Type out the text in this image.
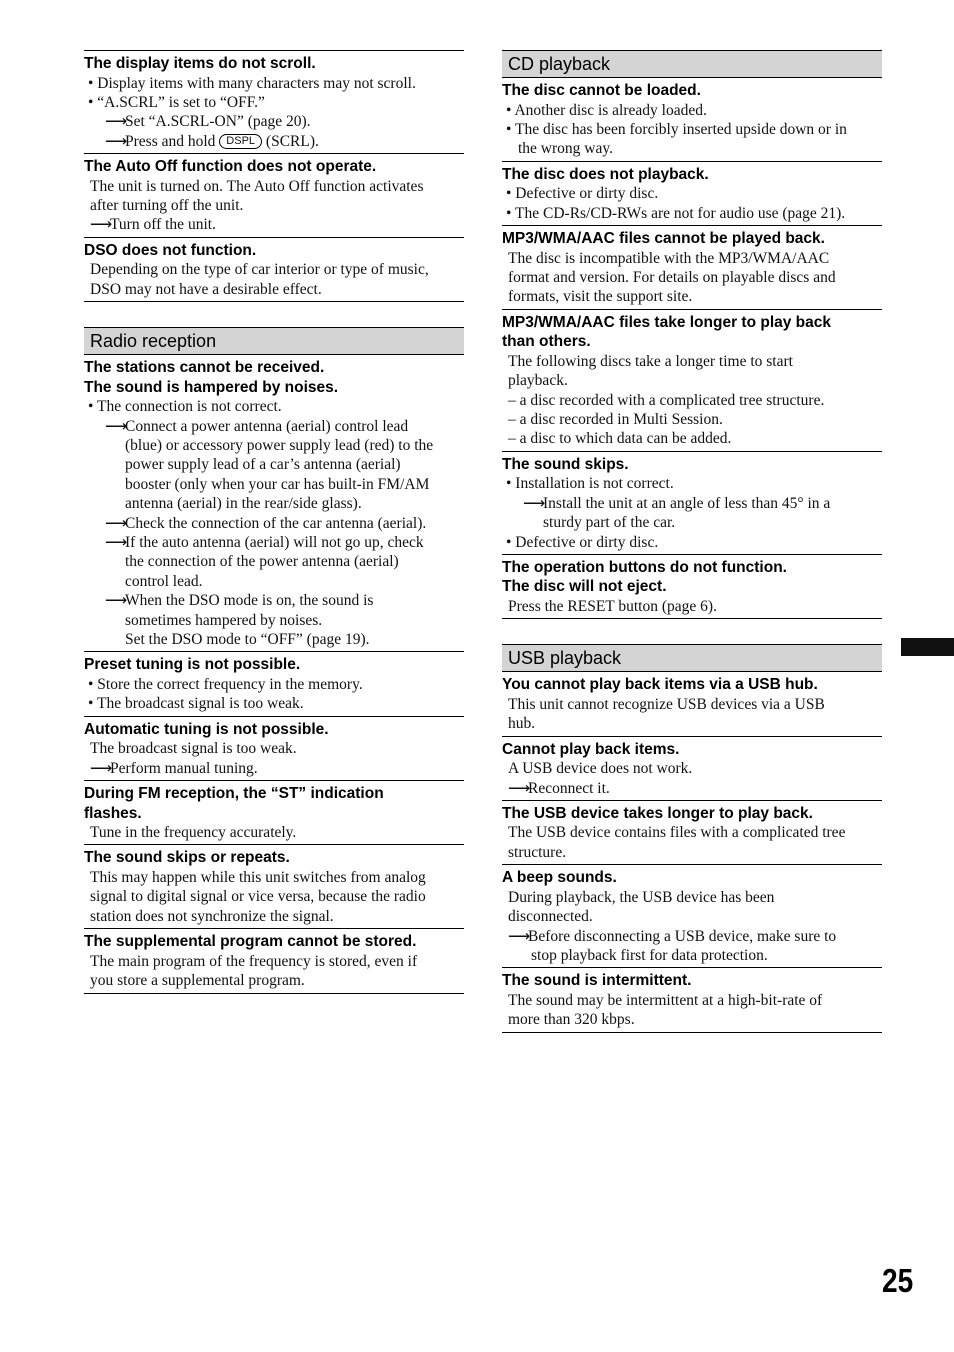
The display items do not scroll.
• Display items with many characters may not scroll.
• “A.SCRL” is set to “OFF.”
⟶Set “A.SCRL-ON” (page 20).
⟶Press and hold DSPL (SCRL).
The Auto Off function does not operate.
The unit is turned on. The Auto Off function activates
after turning off the unit.
⟶Turn off the unit.
DSO does not function.
Depending on the type of car interior or type of music,
DSO may not have a desirable effect.
Radio reception
The stations cannot be received.
The sound is hampered by noises.
• The connection is not correct.
⟶Connect a power antenna (aerial) control lead
(blue) or accessory power supply lead (red) to the
power supply lead of a car’s antenna (aerial)
booster (only when your car has built-in FM/AM
antenna (aerial) in the rear/side glass).
⟶Check the connection of the car antenna (aerial).
⟶If the auto antenna (aerial) will not go up, check
the connection of the power antenna (aerial)
control lead.
⟶When the DSO mode is on, the sound is
sometimes hampered by noises.
Set the DSO mode to “OFF” (page 19).
Preset tuning is not possible.
• Store the correct frequency in the memory.
• The broadcast signal is too weak.
Automatic tuning is not possible.
The broadcast signal is too weak.
⟶Perform manual tuning.
During FM reception, the “ST” indication
flashes.
Tune in the frequency accurately.
The sound skips or repeats.
This may happen while this unit switches from analog
signal to digital signal or vice versa, because the radio
station does not synchronize the signal.
The supplemental program cannot be stored.
The main program of the frequency is stored, even if
you store a supplemental program.
CD playback
The disc cannot be loaded.
• Another disc is already loaded.
• The disc has been forcibly inserted upside down or in
the wrong way.
The disc does not playback.
• Defective or dirty disc.
• The CD-Rs/CD-RWs are not for audio use (page 21).
MP3/WMA/AAC files cannot be played back.
The disc is incompatible with the MP3/WMA/AAC
format and version. For details on playable discs and
formats, visit the support site.
MP3/WMA/AAC files take longer to play back
than others.
The following discs take a longer time to start
playback.
– a disc recorded with a complicated tree structure.
– a disc recorded in Multi Session.
– a disc to which data can be added.
The sound skips.
• Installation is not correct.
⟶Install the unit at an angle of less than 45° in a
sturdy part of the car.
• Defective or dirty disc.
The operation buttons do not function.
The disc will not eject.
Press the RESET button (page 6).
USB playback
You cannot play back items via a USB hub.
This unit cannot recognize USB devices via a USB
hub.
Cannot play back items.
A USB device does not work.
⟶Reconnect it.
The USB device takes longer to play back.
The USB device contains files with a complicated tree
structure.
A beep sounds.
During playback, the USB device has been
disconnected.
⟶Before disconnecting a USB device, make sure to
stop playback first for data protection.
The sound is intermittent.
The sound may be intermittent at a high-bit-rate of
more than 320 kbps.
25
